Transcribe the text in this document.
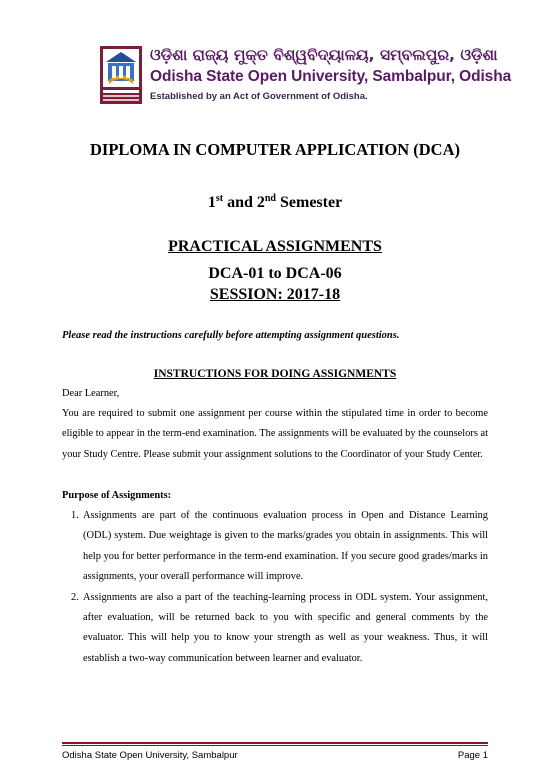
ଓଡ଼ିଶା ରାଜ୍ୟ ମୁକ୍ତ ବିଶ୍ୱବିଦ୍ୟାଳୟ, ସମ୍ବଲପୁର, ଓଡ଼ିଶା
Odisha State Open University, Sambalpur, Odisha
Established by an Act of Government of Odisha.
DIPLOMA IN COMPUTER APPLICATION (DCA)
1st and 2nd Semester
PRACTICAL ASSIGNMENTS
DCA-01 to DCA-06
SESSION: 2017-18
Please read the instructions carefully before attempting assignment questions.
INSTRUCTIONS FOR DOING ASSIGNMENTS
Dear Learner,
You are required to submit one assignment per course within the stipulated time in order to become eligible to appear in the term-end examination. The assignments will be evaluated by the counselors at your Study Centre. Please submit your assignment solutions to the Coordinator of your Study Center.
Purpose of Assignments:
1. Assignments are part of the continuous evaluation process in Open and Distance Learning (ODL) system. Due weightage is given to the marks/grades you obtain in assignments. This will help you for better performance in the term-end examination. If you secure good grades/marks in assignments, your overall performance will improve.
2. Assignments are also a part of the teaching-learning process in ODL system. Your assignment, after evaluation, will be returned back to you with specific and general comments by the evaluator. This will help you to know your strength as well as your weakness. Thus, it will establish a two-way communication between learner and evaluator.
Odisha State Open University, Sambalpur	Page 1
